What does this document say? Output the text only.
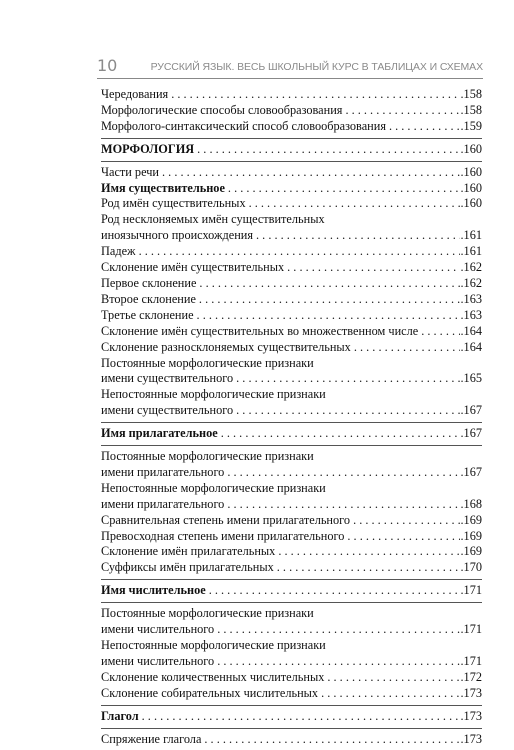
10	РУССКИЙ ЯЗЫК. ВЕСЬ ШКОЛЬНЫЙ КУРС В ТАБЛИЦАХ И СХЕМАХ
Чередования . . .	.158
Морфологические способы словообразования . . .	.158
Морфолого-синтаксический способ словообразования . . .	.159
МОРФОЛОГИЯ . . .	.160
Части речи . . .	.160
Имя существительное . . .	.160
Род имён существительных . . .	.160
Род несклоняемых имён существительных
иноязычного происхождения . . .	.161
Падеж . . .	.161
Склонение имён существительных . . .	.162
Первое склонение . . .	.162
Второе склонение . . .	.163
Третье склонение . . .	.163
Склонение имён существительных во множественном числе . . .	.164
Склонение разносклоняемых существительных . . .	.164
Постоянные морфологические признаки
имени существительного . . .	.165
Непостоянные морфологические признаки
имени существительного . . .	.167
Имя прилагательное . . .	.167
Постоянные морфологические признаки
имени прилагательного . . .	.167
Непостоянные морфологические признаки
имени прилагательного . . .	.168
Сравнительная степень имени прилагательного . . .	.169
Превосходная степень имени прилагательного . . .	.169
Склонение имён прилагательных . . .	.169
Суффиксы имён прилагательных . . .	.170
Имя числительное . . .	.171
Постоянные морфологические признаки
имени числительного . . .	.171
Непостоянные морфологические признаки
имени числительного . . .	.171
Склонение количественных числительных . . .	.172
Склонение собирательных числительных . . .	.173
Глагол . . .	.173
Спряжение глагола . . .	.173
